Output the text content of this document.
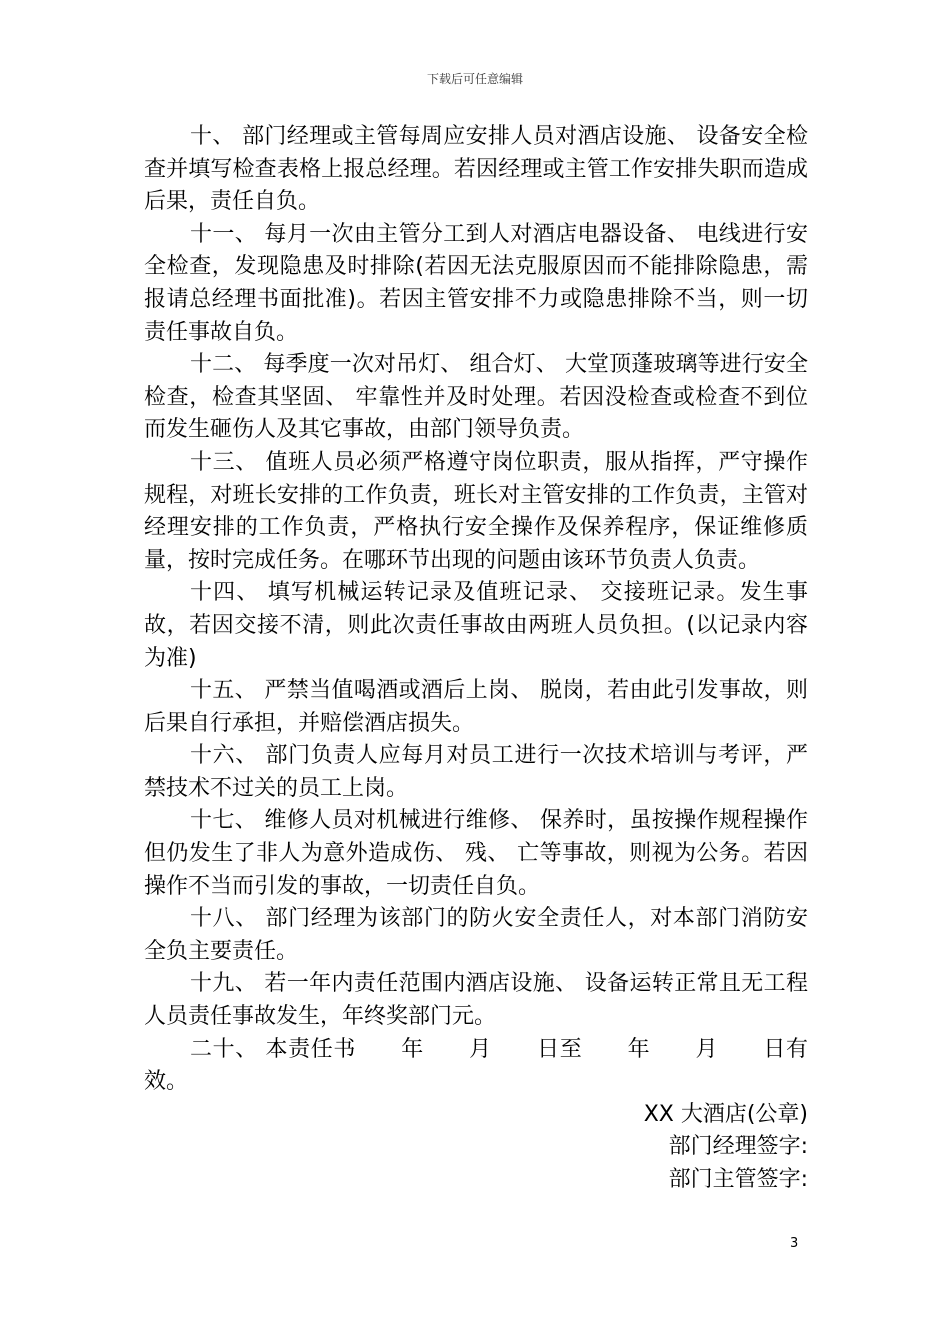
下载后可任意编辑

十、 部门经理或主管每周应安排人员对酒店设施、 设备安全检查并填写检查表格上报总经理。若因经理或主管工作安排失职而造成后果，责任自负。

十一、 每月一次由主管分工到人对酒店电器设备、 电线进行安全检查，发现隐患及时排除(若因无法克服原因而不能排除隐患，需报请总经理书面批准)。若因主管安排不力或隐患排除不当，则一切责任事故自负。

十二、 每季度一次对吊灯、 组合灯、 大堂顶蓬玻璃等进行安全检查，检查其坚固、 牢靠性并及时处理。若因没检查或检查不到位而发生砸伤人及其它事故，由部门领导负责。

十三、 值班人员必须严格遵守岗位职责，服从指挥，严守操作规程，对班长安排的工作负责，班长对主管安排的工作负责，主管对经理安排的工作负责，严格执行安全操作及保养程序，保证维修质量，按时完成任务。在哪环节出现的问题由该环节负责人负责。

十四、 填写机械运转记录及值班记录、 交接班记录。发生事故，若因交接不清，则此次责任事故由两班人员负担。(以记录内容为准)

十五、 严禁当值喝酒或酒后上岗、 脱岗，若由此引发事故，则后果自行承担，并赔偿酒店损失。

十六、 部门负责人应每月对员工进行一次技术培训与考评，严禁技术不过关的员工上岗。

十七、 维修人员对机械进行维修、 保养时，虽按操作规程操作但仍发生了非人为意外造成伤、 残、 亡等事故，则视为公务。若因操作不当而引发的事故，一切责任自负。

十八、 部门经理为该部门的防火安全责任人，对本部门消防安全负主要责任。

十九、 若一年内责任范围内酒店设施、 设备运转正常且无工程人员责任事故发生，年终奖部门元。

二十、 本责任书　　年　　月　　日至　　年　　月　　日有效。

XX 大酒店(公章)

部门经理签字:

部门主管签字:

3
